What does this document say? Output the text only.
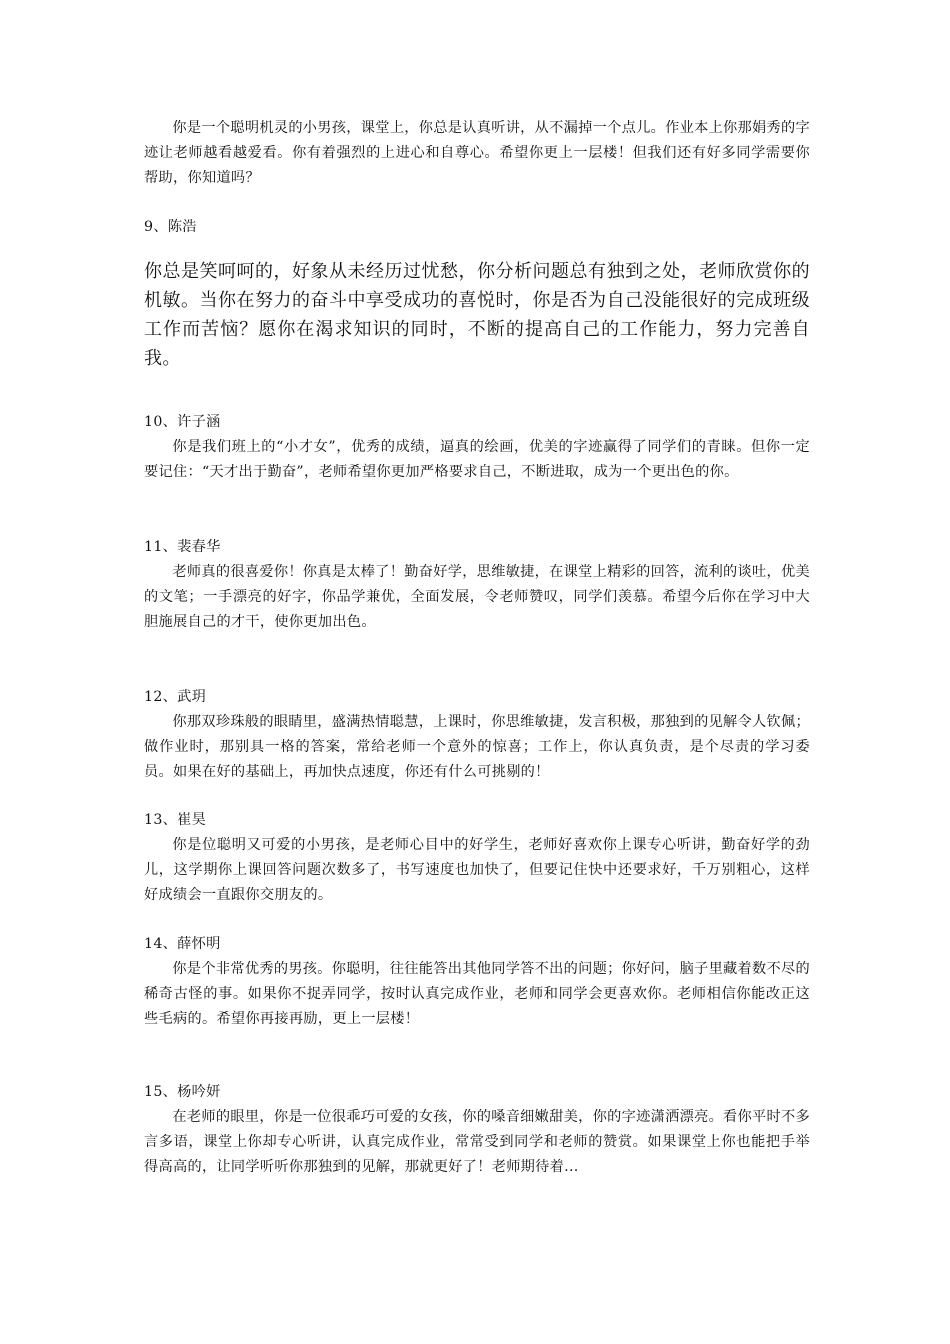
你是一个聪明机灵的小男孩，课堂上，你总是认真听讲，从不漏掉一个点儿。作业本上你那娟秀的字迹让老师越看越爱看。你有着强烈的上进心和自尊心。希望你更上一层楼！但我们还有好多同学需要你帮助，你知道吗？

9、陈浩

你总是笑呵呵的，好象从未经历过忧愁，你分析问题总有独到之处，老师欣赏你的机敏。当你在努力的奋斗中享受成功的喜悦时，你是否为自己没能很好的完成班级工作而苦恼？愿你在渴求知识的同时，不断的提高自己的工作能力，努力完善自我。

10、许子涵

你是我们班上的“小才女”，优秀的成绩，逼真的绘画，优美的字迹赢得了同学们的青睐。但你一定要记住：“天才出于勤奋”，老师希望你更加严格要求自己，不断进取，成为一个更出色的你。

11、裴春华

老师真的很喜爱你！你真是太棒了！勤奋好学，思维敏捷，在课堂上精彩的回答，流利的谈吐，优美的文笔；一手漂亮的好字，你品学兼优，全面发展，令老师赞叹，同学们羡慕。希望今后你在学习中大胆施展自己的才干，使你更加出色。

12、武玥

你那双珍珠般的眼睛里，盛满热情聪慧，上课时，你思维敏捷，发言积极，那独到的见解令人钦佩；做作业时，那别具一格的答案，常给老师一个意外的惊喜；工作上，你认真负责，是个尽责的学习委员。如果在好的基础上，再加快点速度，你还有什么可挑剔的！

13、崔昊

你是位聪明又可爱的小男孩，是老师心目中的好学生，老师好喜欢你上课专心听讲，勤奋好学的劲儿，这学期你上课回答问题次数多了，书写速度也加快了，但要记住快中还要求好，千万别粗心，这样好成绩会一直跟你交朋友的。

14、薛怀明

你是个非常优秀的男孩。你聪明，往往能答出其他同学答不出的问题；你好问，脑子里藏着数不尽的稀奇古怪的事。如果你不捉弄同学，按时认真完成作业，老师和同学会更喜欢你。老师相信你能改正这些毛病的。希望你再接再励，更上一层楼！

15、杨吟妍

在老师的眼里，你是一位很乖巧可爱的女孩，你的嗓音细嫩甜美，你的字迹潇洒漂亮。看你平时不多言多语，课堂上你却专心听讲，认真完成作业，常常受到同学和老师的赞赏。如果课堂上你也能把手举得高高的，让同学听听你那独到的见解，那就更好了！老师期待着...
